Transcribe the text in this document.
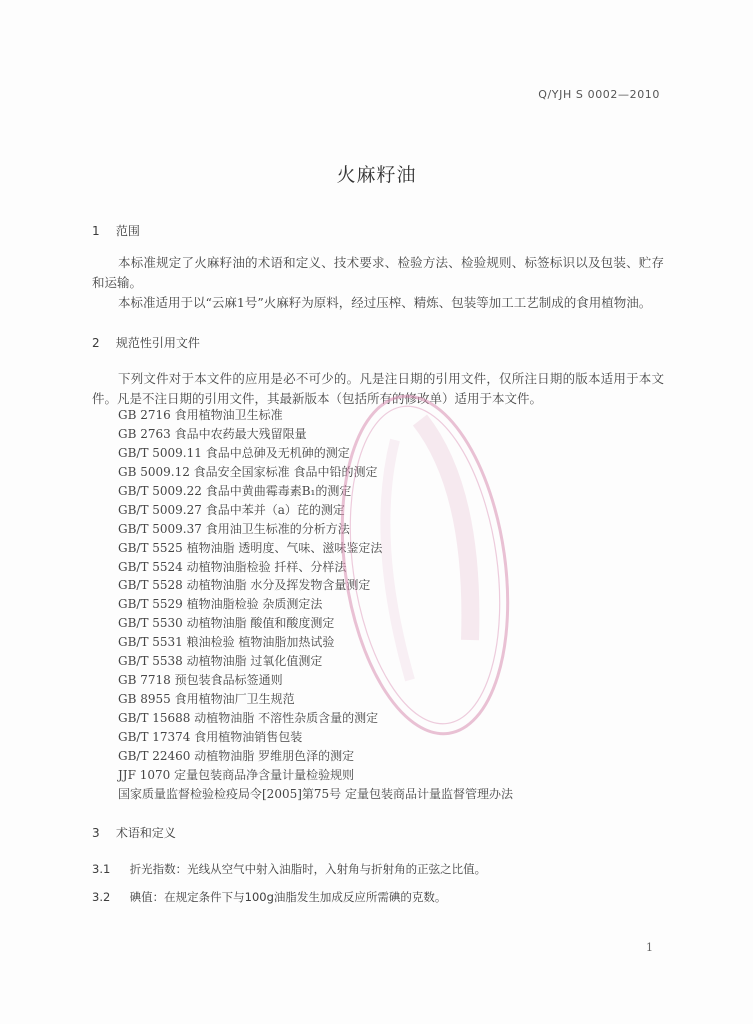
Q/YJH S 0002—2010
火麻籽油
1 范围

本标准规定了火麻籽油的术语和定义、技术要求、检验方法、检验规则、标签标识以及包装、贮存和运输。

本标准适用于以“云麻1号”火麻籽为原料，经过压榨、精炼、包装等加工工艺制成的食用植物油。

2 规范性引用文件

下列文件对于本文件的应用是必不可少的。凡是注日期的引用文件，仅所注日期的版本适用于本文件。凡是不注日期的引用文件，其最新版本（包括所有的修改单）适用于本文件。

GB 2716 食用植物油卫生标准
GB 2763 食品中农药最大残留限量
GB/T 5009.11 食品中总砷及无机砷的测定
GB 5009.12 食品安全国家标准 食品中铅的测定
GB/T 5009.22 食品中黄曲霉毒素B₁的测定
GB/T 5009.27 食品中苯并（a）芘的测定
GB/T 5009.37 食用油卫生标准的分析方法
GB/T 5525 植物油脂 透明度、气味、滋味鉴定法
GB/T 5524 动植物油脂检验 扦样、分样法
GB/T 5528 动植物油脂 水分及挥发物含量测定
GB/T 5529 植物油脂检验 杂质测定法
GB/T 5530 动植物油脂 酸值和酸度测定
GB/T 5531 粮油检验 植物油脂加热试验
GB/T 5538 动植物油脂 过氧化值测定
GB 7718 预包装食品标签通则
GB 8955 食用植物油厂卫生规范
GB/T 15688 动植物油脂 不溶性杂质含量的测定
GB/T 17374 食用植物油销售包装
GB/T 22460 动植物油脂 罗维朋色泽的测定
JJF 1070 定量包装商品净含量计量检验规则
国家质量监督检验检疫局令[2005]第75号 定量包装商品计量监督管理办法
3 术语和定义
3.1 折光指数：光线从空气中射入油脂时，入射角与折射角的正弦之比值。
3.2 碘值：在规定条件下与100g油脂发生加成反应所需碘的克数。
1
